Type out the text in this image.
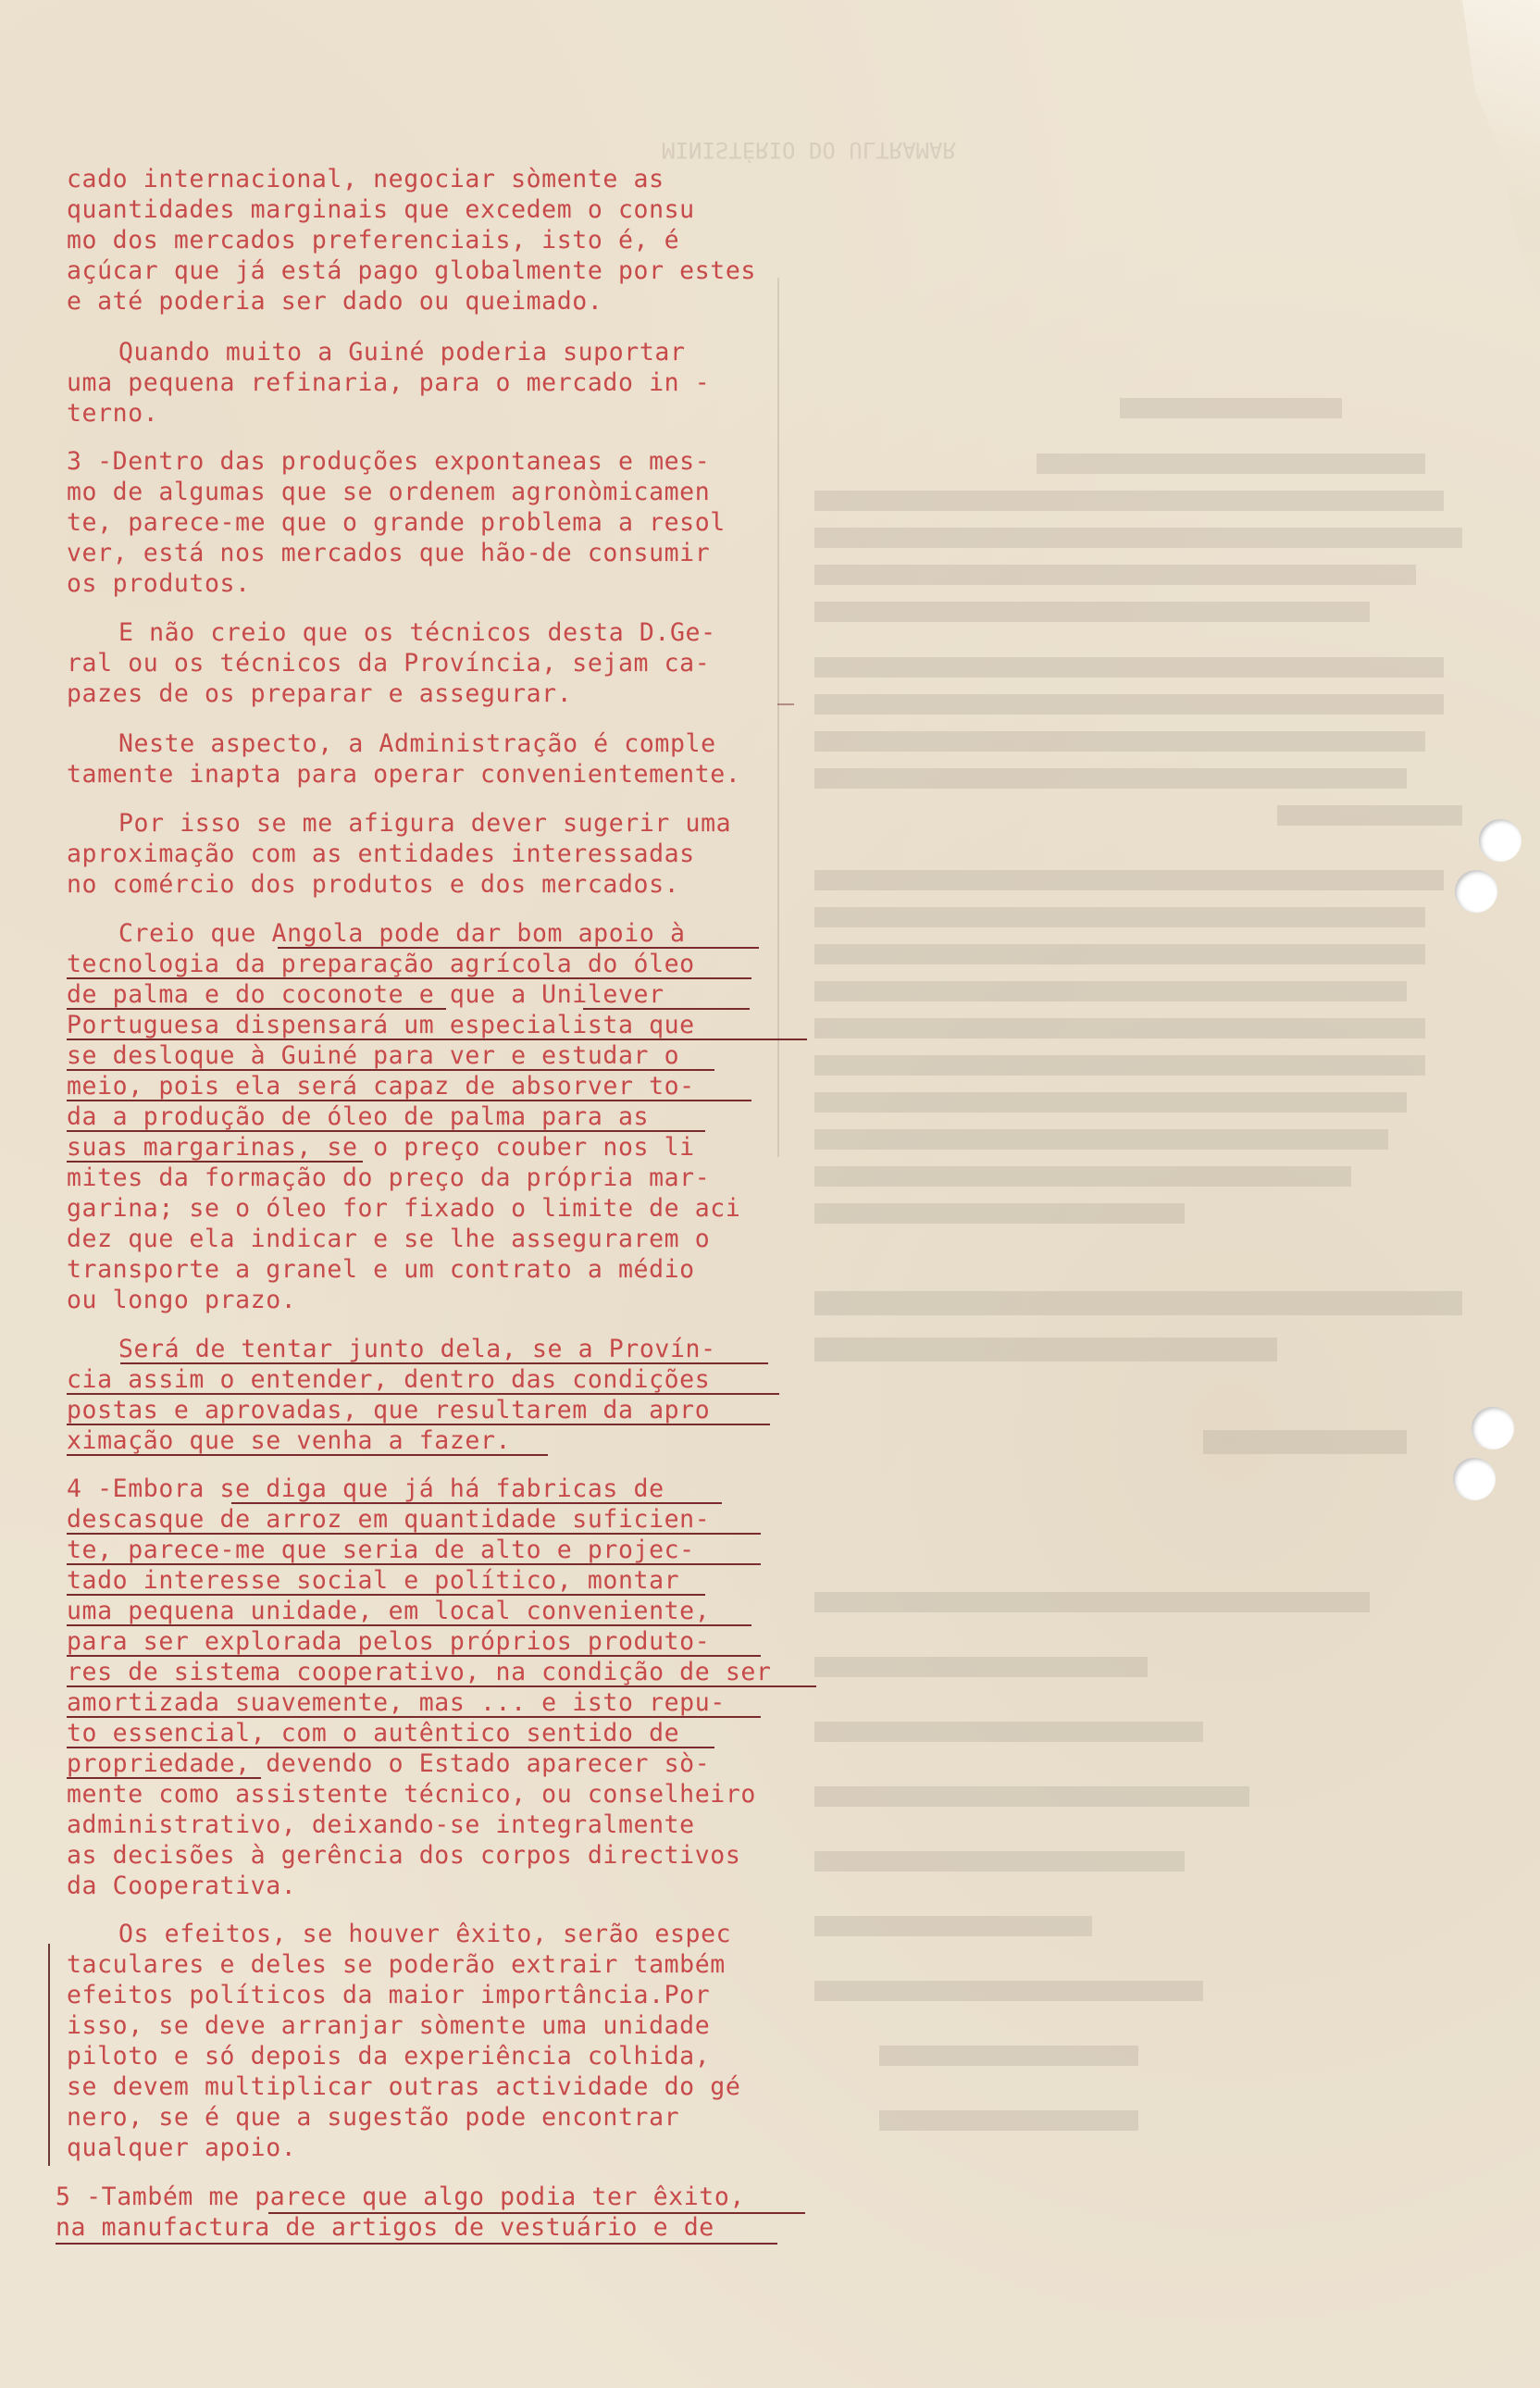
MINISTÉRIO DO ULTRAMAR
cado internacional, negociar sòmente as
quantidades marginais que excedem o consu
mo dos mercados preferenciais, isto é, é
açúcar que já está pago globalmente por estes
e até poderia ser dado ou queimado.
Quando muito a Guiné poderia suportar
uma pequena refinaria, para o mercado in -
terno.
3 -Dentro das produções expontaneas e mes-
mo de algumas que se ordenem agronòmicamen
te, parece-me que o grande problema a resol
ver, está nos mercados que hão-de consumir
os produtos.
E não creio que os técnicos desta D.Ge-
ral ou os técnicos da Província, sejam ca-
pazes de os preparar e assegurar.
Neste aspecto, a Administração é comple
tamente inapta para operar convenientemente.
Por isso se me afigura dever sugerir uma
aproximação com as entidades interessadas
no comércio dos produtos e dos mercados.
Creio que Angola pode dar bom apoio à
tecnologia da preparação agrícola do óleo
de palma e do coconote e que a Unilever
Portuguesa dispensará um especialista que
se desloque à Guiné para ver e estudar o
meio, pois ela será capaz de absorver to-
da a produção de óleo de palma para as
suas margarinas, se o preço couber nos li
mites da formação do preço da própria mar-
garina; se o óleo for fixado o limite de aci
dez que ela indicar e se lhe assegurarem o
transporte a granel e um contrato a médio
ou longo prazo.
Será de tentar junto dela, se a Provín-
cia assim o entender, dentro das condições
postas e aprovadas, que resultarem da apro
ximação que se venha a fazer.
4 -Embora se diga que já há fabricas de
descasque de arroz em quantidade suficien-
te, parece-me que seria de alto e projec-
tado interesse social e político, montar
uma pequena unidade, em local conveniente,
para ser explorada pelos próprios produto-
res de sistema cooperativo, na condição de ser
amortizada suavemente, mas ... e isto repu-
to essencial, com o autêntico sentido de
propriedade, devendo o Estado aparecer sò-
mente como assistente técnico, ou conselheiro
administrativo, deixando-se integralmente
as decisões à gerência dos corpos directivos
da Cooperativa.
Os efeitos, se houver êxito, serão espec
taculares e deles se poderão extrair também
efeitos políticos da maior importância.Por
isso, se deve arranjar sòmente uma unidade
piloto e só depois da experiência colhida,
se devem multiplicar outras actividade do gé
nero, se é que a sugestão pode encontrar
qualquer apoio.
5 -Também me parece que algo podia ter êxito,
na manufactura de artigos de vestuário e de
